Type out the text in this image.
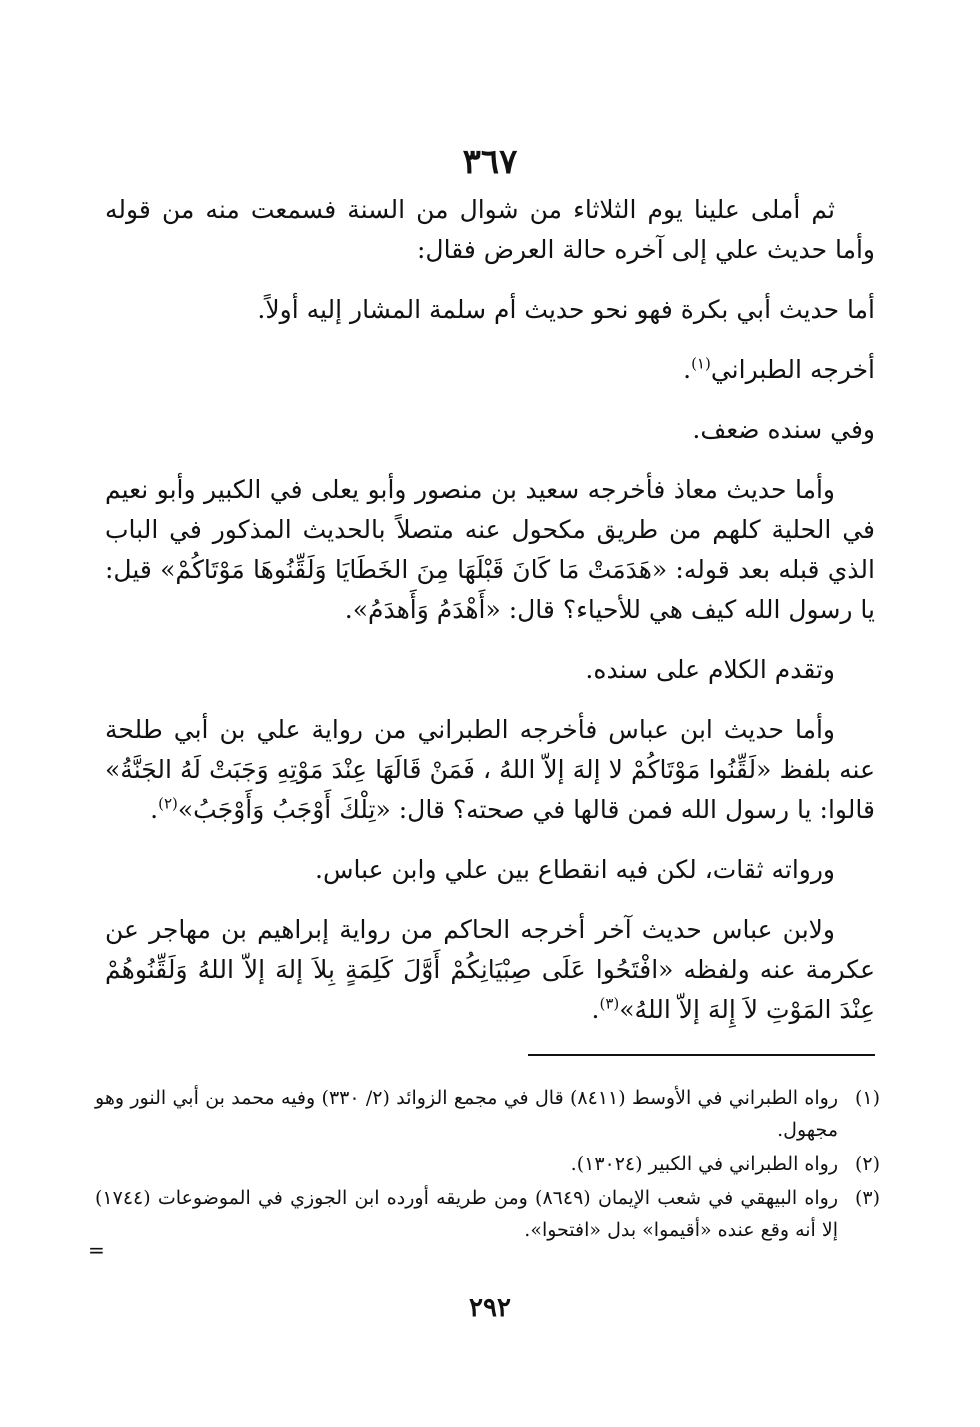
٣٦٧

ثم أملى علينا يوم الثلاثاء من شوال من السنة فسمعت منه من قوله وأما حديث علي إلى آخره حالة العرض فقال:

أما حديث أبي بكرة فهو نحو حديث أم سلمة المشار إليه أولاً.

أخرجه الطبراني$^{(١)}$.

وفي سنده ضعف.

وأما حديث معاذ فأخرجه سعيد بن منصور وأبو يعلى في الكبير وأبو نعيم في الحلية كلهم من طريق مكحول عنه متصلاً بالحديث المذكور في الباب الذي قبله بعد قوله: «هَدَمَتْ مَا كَانَ قَبْلَهَا مِنَ الخَطَايَا وَلَقِّنُوهَا مَوْتَاكُمْ» قيل: يا رسول الله كيف هي للأحياء؟ قال: «أَهْدَمُ وَأَهدَمُ».

وتقدم الكلام على سنده.

وأما حديث ابن عباس فأخرجه الطبراني من رواية علي بن أبي طلحة عنه بلفظ «لَقِّنُوا مَوْتَاكُمْ لا إلهَ إلاّ اللهُ ، فَمَنْ قَالَهَا عِنْدَ مَوْتِهِ وَجَبَتْ لَهُ الجَنَّةُ» قالوا: يا رسول الله فمن قالها في صحته؟ قال: «تِلْكَ أَوْجَبُ وَأَوْجَبُ»$^{(٢)}$.

ورواته ثقات، لكن فيه انقطاع بين علي وابن عباس.

ولابن عباس حديث آخر أخرجه الحاكم من رواية إبراهيم بن مهاجر عن عكرمة عنه ولفظه «افْتَحُوا عَلَى صِبْيَانِكُمْ أَوَّلَ كَلِمَةٍ بِلاَ إلهَ إلاّ اللهُ وَلَقِّنُوهُمْ عِنْدَ المَوْتِ لاَ إِلهَ إلاّ اللهُ»$^{(٣)}$.

(١)
رواه الطبراني في الأوسط (٨٤١١) قال في مجمع الزوائد (٢/ ٣٣٠) وفيه محمد بن أبي النور وهو مجهول.
(٢)
رواه الطبراني في الكبير (١٣٠٢٤).
(٣)
رواه البيهقي في شعب الإيمان (٨٦٤٩) ومن طريقه أورده ابن الجوزي في الموضوعات (١٧٤٤) إلا أنه وقع عنده «أقيموا» بدل «افتحوا».
=
٢٩٢
